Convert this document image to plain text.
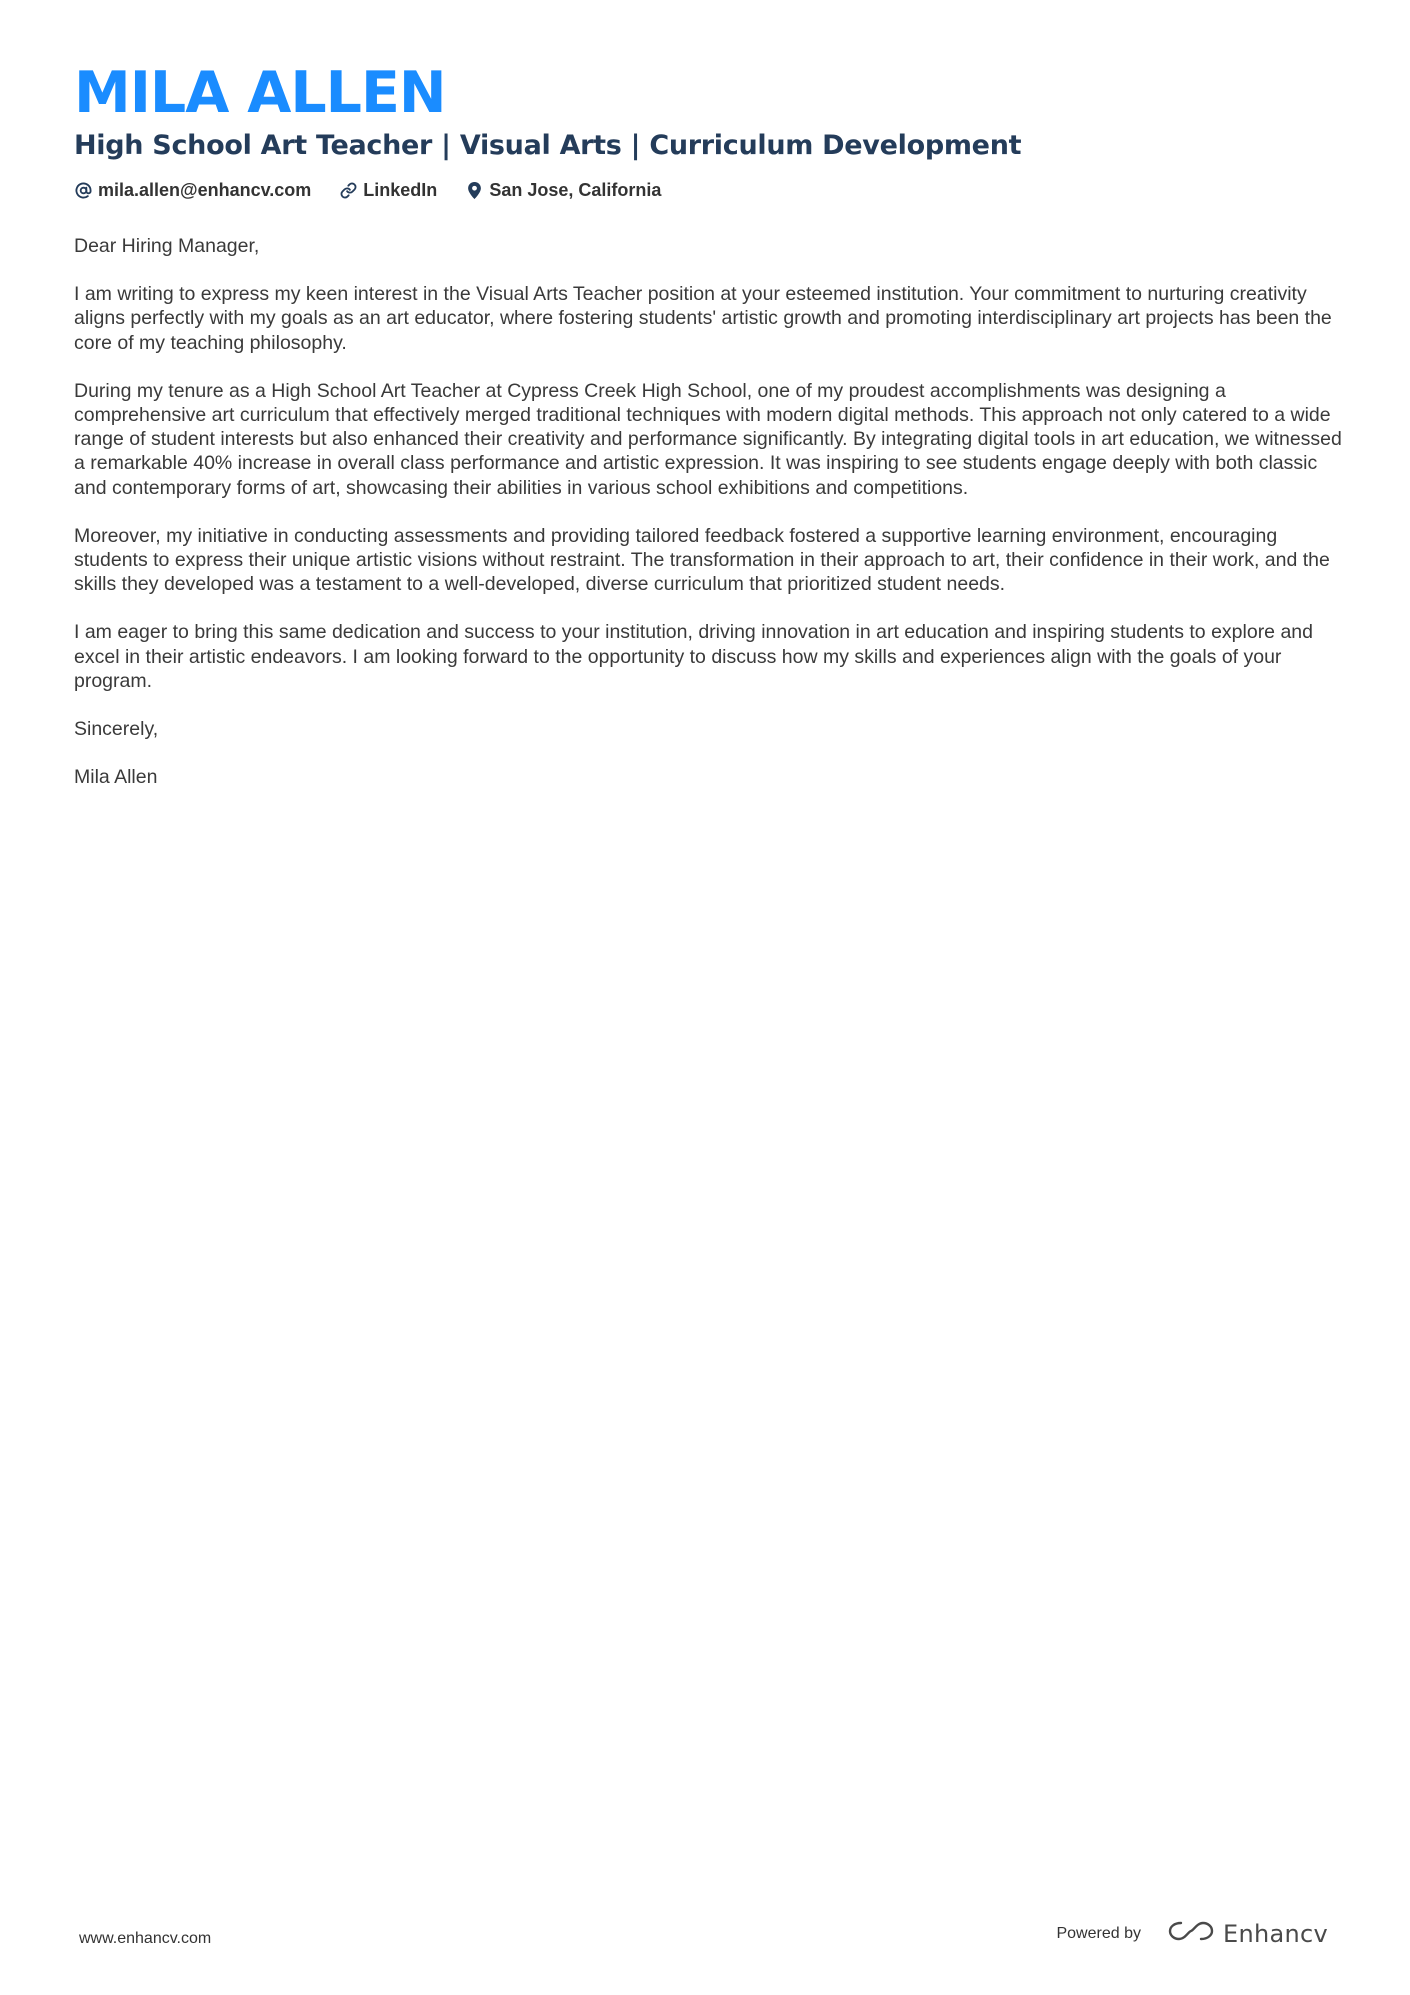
MILA ALLEN
High School Art Teacher | Visual Arts | Curriculum Development
mila.allen@enhancv.com	LinkedIn	San Jose, California

Dear Hiring Manager,

I am writing to express my keen interest in the Visual Arts Teacher position at your esteemed institution. Your commitment to nurturing creativity aligns perfectly with my goals as an art educator, where fostering students' artistic growth and promoting interdisciplinary art projects has been the core of my teaching philosophy.

During my tenure as a High School Art Teacher at Cypress Creek High School, one of my proudest accomplishments was designing a comprehensive art curriculum that effectively merged traditional techniques with modern digital methods. This approach not only catered to a wide range of student interests but also enhanced their creativity and performance significantly. By integrating digital tools in art education, we witnessed a remarkable 40% increase in overall class performance and artistic expression. It was inspiring to see students engage deeply with both classic and contemporary forms of art, showcasing their abilities in various school exhibitions and competitions.

Moreover, my initiative in conducting assessments and providing tailored feedback fostered a supportive learning environment, encouraging students to express their unique artistic visions without restraint. The transformation in their approach to art, their confidence in their work, and the skills they developed was a testament to a well-developed, diverse curriculum that prioritized student needs.

I am eager to bring this same dedication and success to your institution, driving innovation in art education and inspiring students to explore and excel in their artistic endeavors. I am looking forward to the opportunity to discuss how my skills and experiences align with the goals of your program.

Sincerely,

Mila Allen

www.enhancv.com	Powered by	Enhancv
